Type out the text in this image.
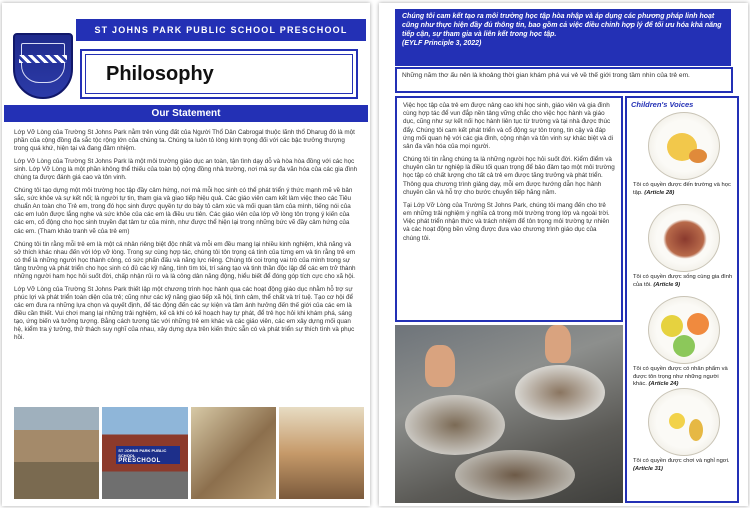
ST JOHNS PARK PUBLIC SCHOOL PRESCHOOL
Philosophy
Our Statement

Lớp Vỡ Lòng của Trường St Johns Park nằm trên vùng đất của Người Thổ Dân Cabrogal thuộc lãnh thổ Dharug đó là một phần của cộng đồng đa sắc tộc rộng lớn của chúng ta. Chúng ta luôn tỏ lòng kính trọng đối với các bậc trưởng thượng trong quá khứ, hiện tại và đang đâm nhiệm.

Lớp Vỡ Lòng của Trường St Johns Park là một môi trường giáo dục an toàn, tận tình dạy dỗ và hòa hòa đồng với các học sinh. Lớp Vỡ Lòng là một phần không thể thiếu của toàn bộ cộng đồng nhà trường, nơi mà sự đa văn hóa của các gia đình chúng ta được đánh giá cao và tôn vinh.

Chúng tôi tạo dựng một môi trường học tập đầy cảm hứng, nơi mà mỗi học sinh có thể phát triển ý thức mạnh mẽ về bản sắc, sức khỏe và sự kết nối; là người tự tin, tham gia và giao tiếp hiệu quả. Các giáo viên cam kết làm việc theo các Tiêu chuẩn An toàn cho Trẻ em, trong đó học sinh được quyền tự do bày tỏ cảm xúc và mối quan tâm của mình, tiếng nói của các em luôn được lắng nghe và sức khỏe của các em là điều ưu tiên. Các giáo viên của lớp vỡ lòng tôn trọng ý kiến của các em, cổ động cho học sinh truyền đạt tâm tư của mình, như được thể hiện lại trong những bức vẽ đầy cảm hứng của các em. (Tham khảo tranh vẽ của trẻ em)

Chúng tôi tin rằng mỗi trẻ em là một cá nhân riêng biệt độc nhất và mỗi em đều mang lại nhiều kinh nghiệm, khả năng và sở thích khác nhau đến với lớp vỡ lòng. Trong sự cùng hợp tác, chúng tôi tôn trọng cá tính của từng em và tin rằng trẻ em có thể là những người học thành công, có sức phấn đấu và năng lực riêng. Chúng tôi coi trọng vai trò của mình trong sự tăng trưởng và phát triển cho học sinh có đủ các kỹ năng, tính tìm tòi, trí sáng tạo và tinh thần độc lập để các em trở thành những người ham học hỏi suốt đời, chấp nhận rủi ro và là công dân năng động, hiểu biết để đóng góp tích cực cho xã hội.

Lớp Vỡ Lòng của Trường St Johns Park thiết lập một chương trình học hành qua các hoạt động giáo dục nhằm hỗ trợ sự phúc lợi và phát triển toàn diện của trẻ; cũng như các kỹ năng giao tiếp xã hội, tình cảm, thể chất và trí tuệ. Tạo cơ hội để các em đưa ra những lựa chọn và quyết định, để tác động đến các sự kiện và tầm ảnh hưởng đến thế giới của các em là điều cần thiết. Vui chơi mang lại những trải nghiệm, kế cả khi có kế hoạch hay tự phát, để trẻ học hỏi khi khám phá, sáng tạo, ứng biến và tưởng tượng. Bằng cách tương tác với những trẻ em khác và các giáo viên, các em xây dựng mối quan hệ, kiểm tra ý tưởng, thử thách suy nghĩ của nhau, xây dựng dựa trên kiến thức sẵn có và phát triển sự thích tình và phục hồi.

ST JOHNS PARK PUBLIC SCHOOL
PRESCHOOL
Chúng tôi cam kết tạo ra môi trường học tập hòa nhập và áp dụng các phương pháp linh hoạt cũng như thực hiện đầy đủ thông tin, bao gồm cả việc điều chỉnh hợp lý để tối ưu hóa khả năng tiếp cận, sự tham gia và liên kết trong học tập.
(EYLF Principle 3, 2022)
Những năm thơ ấu nên là khoảng thời gian khám phá vui vẻ về thế giới trong tầm nhìn của trẻ em.

Việc học tập của trẻ em được nâng cao khi học sinh, giáo viên và gia đình cùng hợp tác để vun đắp nền tảng vững chắc cho việc học hành và giáo dục, cũng như sự kết nối học hành liên tục từ trường và tại nhà được thúc đẩy. Chúng tôi cam kết phát triển và cổ động sự tôn trọng, tin cậy và đáp ứng mối quan hệ với các gia đình, cộng nhận và tôn vinh sự khác biệt và di sản đa văn hóa của mọi người.

Chúng tôi tin rằng chúng ta là những người học hỏi suốt đời. Kiểm điểm và chuyên cần tư nghiệp là điều tối quan trọng để bảo đảm tạo một môi trường học tập có chất lượng cho tất cả trẻ em được tăng trưởng và phát triển. Thông qua chương trình giảng dạy, mỗi em được hướng dẫn học hành chuyên cần và hỗ trợ cho bước chuyển tiếp hăng năm.

Tại Lớp Vỡ Lòng của Trường St Johns Park, chúng tôi mang đến cho trẻ em những trải nghiệm ý nghĩa cả trong môi trường trong lớp và ngoài trời. Việc phát triển nhận thức và trách nhiệm để tôn trọng môi trường tự nhiên và các hoạt động bền vững được đưa vào chương trình giáo dục của chúng tôi.

Children's Voices
Tôi có quyền được đến trường và học tập. (Article 28)
Tôi có quyền được sống cùng gia đình của tôi. (Article 9)
Tôi có quyền được có nhân phẩm và được tôn trọng như những người khác. (Article 24)
Tôi có quyền được chơi và nghỉ ngơi. (Article 31)
